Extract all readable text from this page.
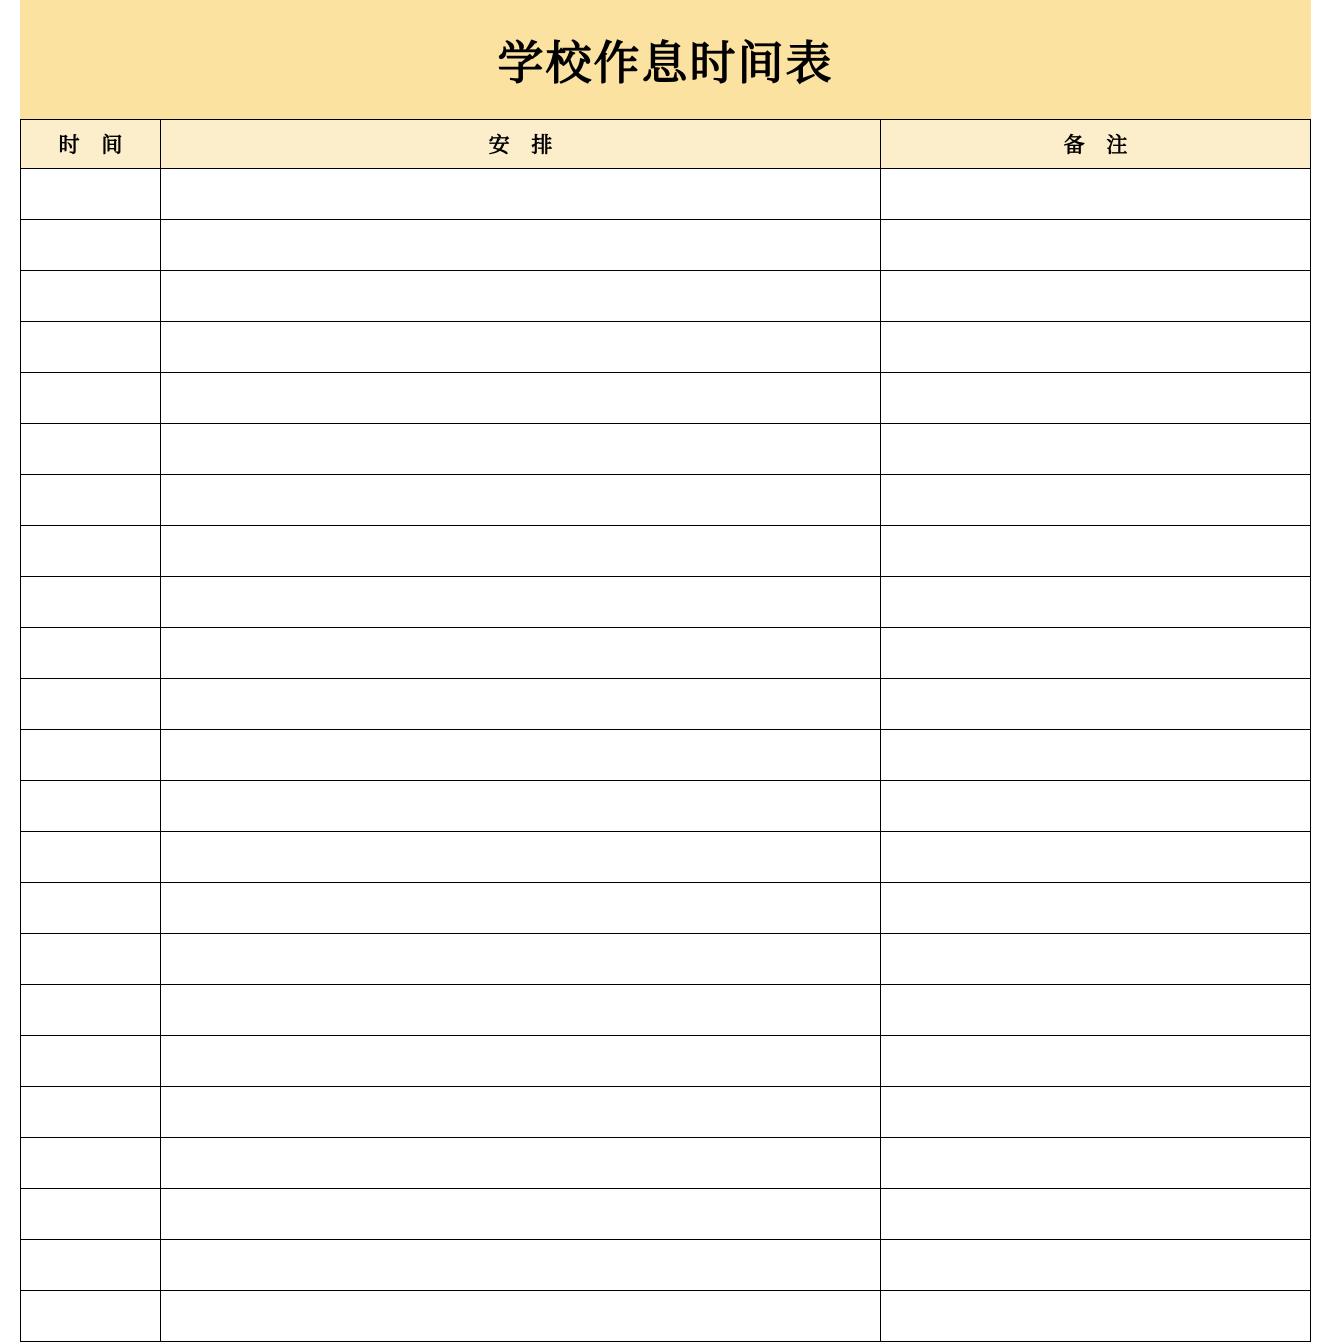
学校作息时间表		
时 间	安 排	备 注
